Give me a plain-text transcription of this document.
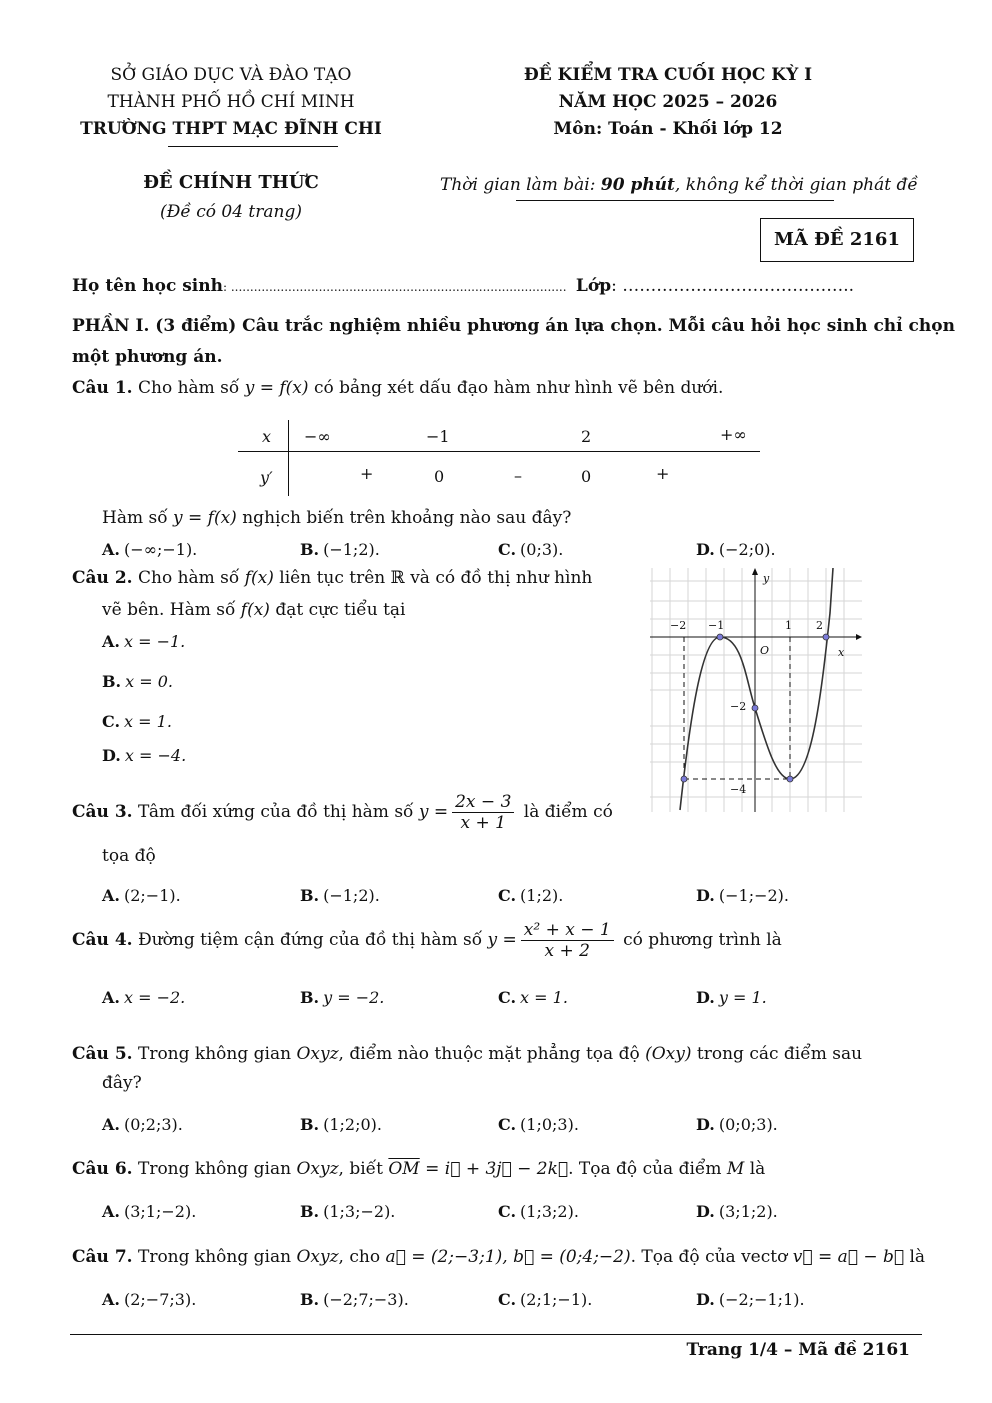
SỞ GIÁO DỤC VÀ ĐÀO TẠO
THÀNH PHỐ HỒ CHÍ MINH
TRƯỜNG THPT MẠC ĐĨNH CHI
ĐỀ KIỂM TRA CUỐI HỌC KỲ I
NĂM HỌC 2025 – 2026
Môn: Toán - Khối lớp 12
ĐỀ CHÍNH THỨC
(Đề có 04 trang)
Thời gian làm bài: 90 phút, không kể thời gian phát đề
MÃ ĐỀ 2161
Họ tên học sinh: ........................................................................................ Lớp: …………………………………..
PHẦN I. (3 điểm) Câu trắc nghiệm nhiều phương án lựa chọn. Mỗi câu hỏi học sinh chỉ chọn
một phương án.
Câu 1. Cho hàm số y = f(x) có bảng xét dấu đạo hàm như hình vẽ bên dưới.
x −∞	−1	2	+∞
y′	+	0	–	0	+
Hàm số y = f(x) nghịch biến trên khoảng nào sau đây?
A. (−∞;−1).	B. (−1;2).	C. (0;3).	D. (−2;0).
Câu 2. Cho hàm số f(x) liên tục trên ℝ và có đồ thị như hình
vẽ bên. Hàm số f(x) đạt cực tiểu tại
A. x = −1.
B. x = 0.
C. x = 1.
D. x = −4.
y
x
O
−2 −1	1 2
−2
−4
Câu 3. Tâm đối xứng của đồ thị hàm số $y = \frac{2x - 3}{x + 1}$ là điểm có
tọa độ
A. (2;−1).	B. (−1;2).	C. (1;2).	D. (−1;−2).
Câu 4. Đường tiệm cận đứng của đồ thị hàm số $y = \frac{\text{x² + x − 1}}{x + 2}$ có phương trình là
A. x = −2.	B. y = −2.	C. x = 1.	D. y = 1.
Câu 5. Trong không gian Oxyz, điểm nào thuộc mặt phẳng tọa độ (Oxy) trong các điểm sau
đây?
A. (0;2;3).	B. (1;2;0).	C. (1;0;3).	D. (0;0;3).
Câu 6. Trong không gian Oxyz, biết $\overline{OM}$ = i⃗ + 3j⃗ − 2k⃗. Tọa độ của điểm M là
A. (3;1;−2).	B. (1;3;−2).	C. (1;3;2).	D. (3;1;2).
Câu 7. Trong không gian Oxyz, cho a⃗ = (2;−3;1), b⃗ = (0;4;−2). Tọa độ của vectơ v⃗ = a⃗ − b⃗ là
A. (2;−7;3).	B. (−2;7;−3).	C. (2;1;−1).	D. (−2;−1;1).
Trang 1/4 – Mã đề 2161
